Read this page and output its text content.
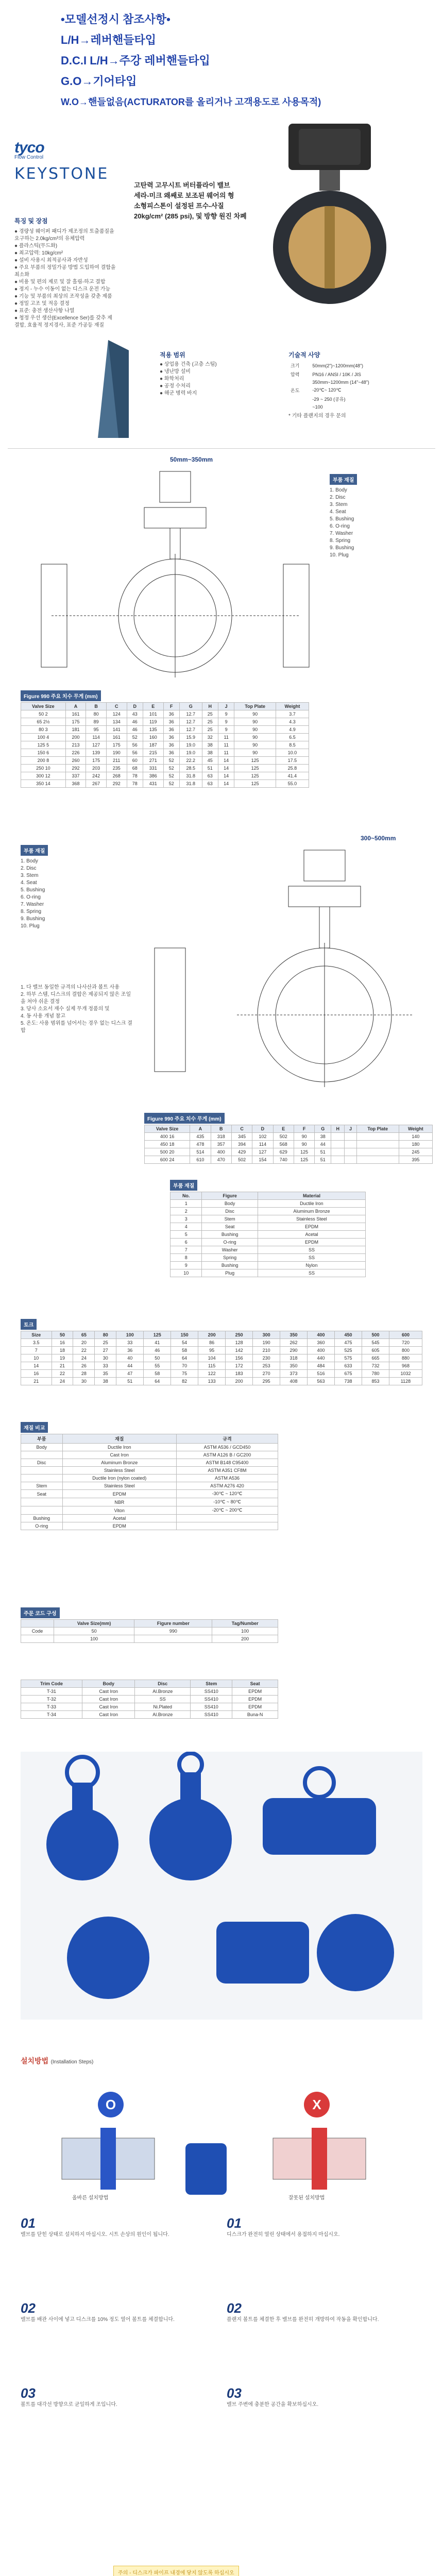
•모델선정시 참조사항•
L/H→레버핸들타입
D.C.I L/H→주강 레버핸들타입
G.O→기어타입
W.O→핸들없음(ACTURATOR를 올리거나 고객용도로 사용목적)
tyco
Flow Control
KEYSTONE
고탄력 고무시트 버터플라이 밸브
세라-미크 왜쌔로 보조된 웨어의 형
소형피스톤이 설정된 프수-사질
20kg/cm² (285 psi), 및 방향 원진 차폐
특징 및 장점
● 경량성 웨이퍼 패디가 제조정의 토출품질을
요구하는 2.0kg/cm³의 유체압력
● 플라스틱(무드화)
● 최고압력: 10kg/cm²
● 설비 사용시 최적공사과 자반성
● 주요 부품의 정밀가공 방법 도입하여 결함을
최소화
● 비용 및 편의 제로 및 잘 흘림-하고 결합
● 정지 - 누수 이동이 없는 디스크 운전 가능
● 기능 및 부품의 최상의 조작성을 갖춘 제품
● 정밀 고조 및 적응 결정
● 표준: 충전 생산사항 나열
● 청정 우선 생산(Excellence Ser)를 갖추 제 결합, 효율적 정지경사, 표준 가공등 재질
적용 범위
● 상업용 건축 (고층 스팀)
● 냉난방 설비
● 화학처리
● 공정 수처리
● 해군 병력 바지
기술적 사양
크기	50mm(2")~1200mm(48")
압력	PN16 / ANSI / 10K / JIS
	350mm~1200mm (14"~48")
온도	-20℃~ 120℃
	-29 ~ 250 (공유)
	~100
* 기타 플랜지의 경우 문의
50mm~350mm
부품 재질
1. Body
2. Disc
3. Stem
4. Seat
5. Bushing
6. O-ring
7. Washer
8. Spring
9. Bushing
10. Plug
Figure 990 주요 치수 무게 (mm)
Valve Size	A	B	C	D	E	F	G	H	J	Top Plate	Weight
50 2	161	80	124	43	101	36	12.7	25	9	90	3.7
65 2½	175	89	134	46	119	36	12.7	25	9	90	4.3
80 3	181	95	141	46	135	36	12.7	25	9	90	4.9
100 4	200	114	161	52	160	36	15.9	32	11	90	6.5
125 5	213	127	175	56	187	36	19.0	38	11	90	8.5
150 6	226	139	190	56	215	36	19.0	38	11	90	10.0
200 8	260	175	211	60	271	52	22.2	45	14	125	17.5
250 10	292	203	235	68	331	52	28.5	51	14	125	25.8
300 12	337	242	268	78	386	52	31.8	63	14	125	41.4
350 14	368	267	292	78	431	52	31.8	63	14	125	55.0
300~500mm
부품 재질
1. Body
2. Disc
3. Stem
4. Seat
5. Bushing
6. O-ring
7. Washer
8. Spring
9. Bushing
10. Plug
1. 다 밸브 동일한 규격의 나사산과 볼트 사용
2. 하부 스템, 디스크의 결합은 제공되지 않은 조일을 쳐야 쉬운 결정
3. 당사 소요서 재수 실제 무개 정품의 및
4. 동 사용 개념 참고
5. 온도: 사용 범위를 넘어서는 경우 없는 디스크 결합
Figure 990 주요 치수 무게 (mm)
Valve Size	A	B	C	D	E	F	G	H	J	Top Plate	Weight
400 16	435	318	345	102	502	90	38				140
450 18	478	357	394	114	568	90	44				180
500 20	514	400	429	127	629	125	51				245
600 24	610	470	502	154	740	125	51				395
부품 재질
No.	Figure	Material
1	Body	Ductile Iron
2	Disc	Aluminum Bronze
3	Stem	Stainless Steel
4	Seat	EPDM
5	Bushing	Acetal
6	O-ring	EPDM
7	Washer	SS
8	Spring	SS
9	Bushing	Nylon
10	Plug	SS
토크
Size	50	65	80	100	125	150	200	250	300	350	400	450	500	600
3.5	16	20	25	33	41	54	86	128	190	262	360	475	545	720
7	18	22	27	36	46	58	95	142	210	290	400	525	605	800
10	19	24	30	40	50	64	104	156	230	318	440	575	665	880
14	21	26	33	44	55	70	115	172	253	350	484	633	732	968
16	22	28	35	47	58	75	122	183	270	373	516	675	780	1032
21	24	30	38	51	64	82	133	200	295	408	563	738	853	1128
재질 비교
부품	재질	규격
Body	Ductile Iron	ASTM A536 / GCD450
	Cast Iron	ASTM A126 B / GC200
Disc	Aluminum Bronze	ASTM B148 C95400
	Stainless Steel	ASTM A351 CF8M
	Ductile Iron (nylon coated)	ASTM A536
Stem	Stainless Steel	ASTM A276 420
Seat	EPDM	-30℃ ~ 120℃
	NBR	-10℃ ~ 80℃
	Viton	-20℃ ~ 200℃
Bushing	Acetal	
O-ring	EPDM	
주문 코드 구성
	Valve Size(mm)	Figure number	Tag/Number
Code	50	990	100
	100		200
Trim Code	Body	Disc	Stem	Seat
T-31	Cast Iron	Al.Bronze	SS410	EPDM
T-32	Cast Iron	SS	SS410	EPDM
T-33	Cast Iron	Ni.Plated	SS410	EPDM
T-34	Cast Iron	Al.Bronze	SS410	Buna-N
설치방법 (Installation Steps)
O	X
올바른 설치방법	잘못된 설치방법
01
밸브를 닫힌 상태로 설치하지 마십시오. 시트 손상의 원인이 됩니다.
02
밸브를 배관 사이에 넣고 디스크를 10% 정도 열어 볼트를 체결합니다.
03
볼트를 대각선 방향으로 균일하게 조입니다.
01
디스크가 완전히 열린 상태에서 용접하지 마십시오.
02
플랜지 볼트를 체결한 후 밸브를 완전히 개방하여 작동을 확인합니다.
03
밸브 주변에 충분한 공간을 확보하십시오.
주의 - 디스크가 파이프 내경에 닿지 않도록 하십시오
